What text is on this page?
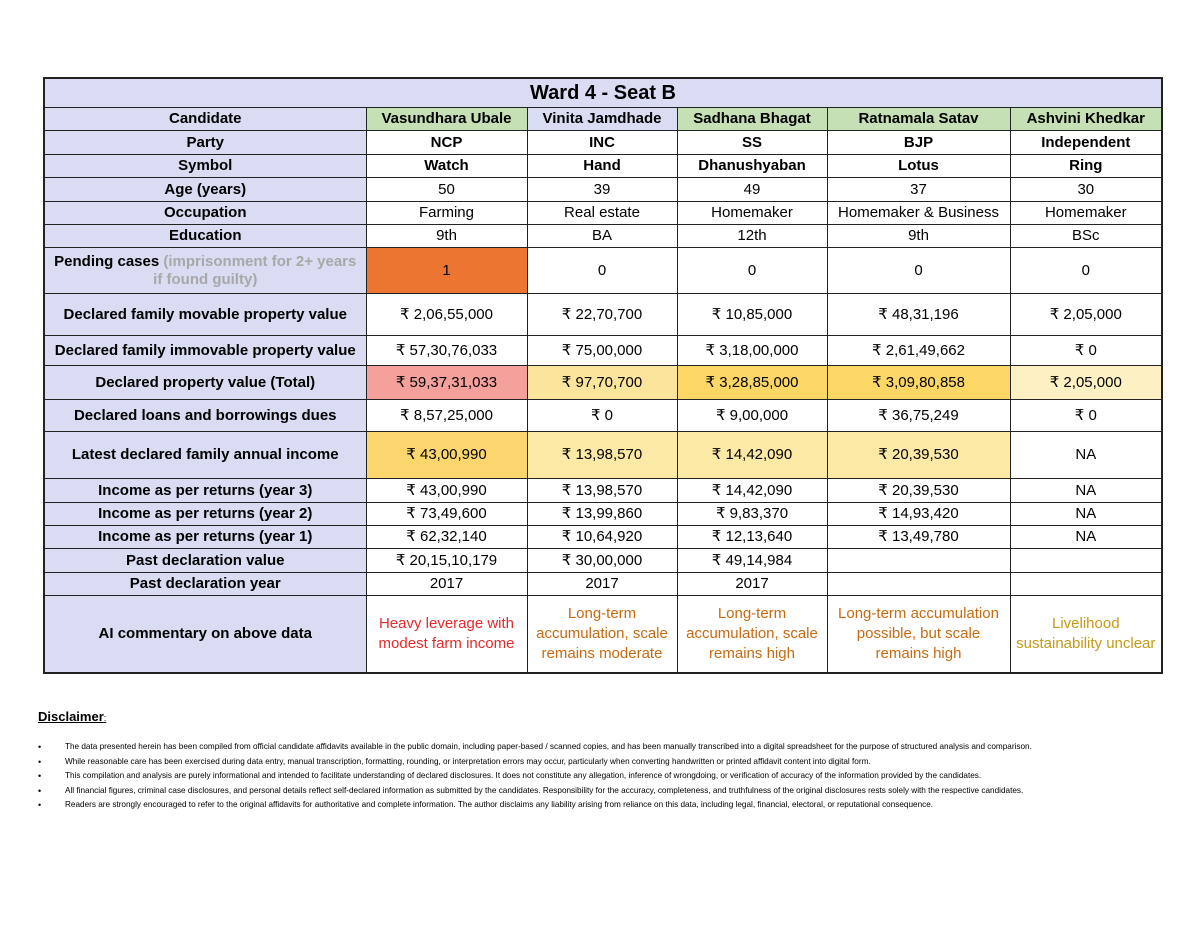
Ward 4 - Seat B					
Candidate	Vasundhara Ubale	Vinita Jamdhade	Sadhana Bhagat	Ratnamala Satav	Ashvini Khedkar
Party	NCP	INC	SS	BJP	Independent
Symbol	Watch	Hand	Dhanushyaban	Lotus	Ring
Age (years)	50	39	49	37	30
Occupation	Farming	Real estate	Homemaker	Homemaker & Business	Homemaker
Education	9th	BA	12th	9th	BSc
Pending cases (imprisonment for 2+ years if found guilty)	1	0	0	0	0
Declared family movable property value	₹ 2,06,55,000	₹ 22,70,700	₹ 10,85,000	₹ 48,31,196	₹ 2,05,000
Declared family immovable property value	₹ 57,30,76,033	₹ 75,00,000	₹ 3,18,00,000	₹ 2,61,49,662	₹ 0
Declared property value (Total)	₹ 59,37,31,033	₹ 97,70,700	₹ 3,28,85,000	₹ 3,09,80,858	₹ 2,05,000
Declared loans and borrowings dues	₹ 8,57,25,000	₹ 0	₹ 9,00,000	₹ 36,75,249	₹ 0
Latest declared family annual income	₹ 43,00,990	₹ 13,98,570	₹ 14,42,090	₹ 20,39,530	NA
Income as per returns (year 3)	₹ 43,00,990	₹ 13,98,570	₹ 14,42,090	₹ 20,39,530	NA
Income as per returns (year 2)	₹ 73,49,600	₹ 13,99,860	₹ 9,83,370	₹ 14,93,420	NA
Income as per returns (year 1)	₹ 62,32,140	₹ 10,64,920	₹ 12,13,640	₹ 13,49,780	NA
Past declaration value	₹ 20,15,10,179	₹ 30,00,000	₹ 49,14,984		
Past declaration year	2017	2017	2017		
AI commentary on above data	Heavy leverage with modest farm income	Long-term accumulation, scale remains moderate	Long-term accumulation, scale remains high	Long-term accumulation possible, but scale remains high	Livelihood sustainability unclear
Disclaimer:
• The data presented herein has been compiled from official candidate affidavits available in the public domain, including paper-based / scanned copies, and has been manually transcribed into a digital spreadsheet for the purpose of structured analysis and comparison.
• While reasonable care has been exercised during data entry, manual transcription, formatting, rounding, or interpretation errors may occur, particularly when converting handwritten or printed affidavit content into digital form.
• This compilation and analysis are purely informational and intended to facilitate understanding of declared disclosures. It does not constitute any allegation, inference of wrongdoing, or verification of accuracy of the information provided by the candidates.
• All financial figures, criminal case disclosures, and personal details reflect self-declared information as submitted by the candidates. Responsibility for the accuracy, completeness, and truthfulness of the original disclosures rests solely with the respective candidates.
• Readers are strongly encouraged to refer to the original affidavits for authoritative and complete information. The author disclaims any liability arising from reliance on this data, including legal, financial, electoral, or reputational consequence.
